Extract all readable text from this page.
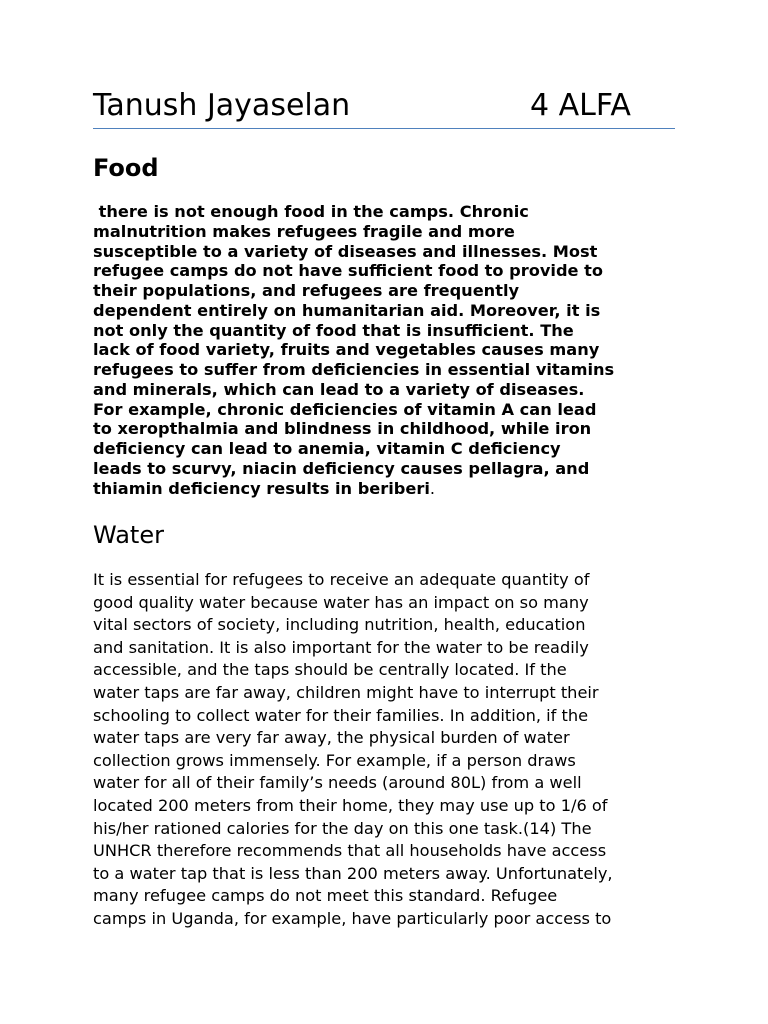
Tanush Jayaselan	4 ALFA
Food

there is not enough food in the camps. Chronic
malnutrition makes refugees fragile and more
susceptible to a variety of diseases and illnesses. Most
refugee camps do not have sufficient food to provide to
their populations, and refugees are frequently
dependent entirely on humanitarian aid. Moreover, it is
not only the quantity of food that is insufficient. The
lack of food variety, fruits and vegetables causes many
refugees to suffer from deficiencies in essential vitamins
and minerals, which can lead to a variety of diseases.
For example, chronic deficiencies of vitamin A can lead
to xeropthalmia and blindness in childhood, while iron
deficiency can lead to anemia, vitamin C deficiency
leads to scurvy, niacin deficiency causes pellagra, and
thiamin deficiency results in beriberi.

Water

It is essential for refugees to receive an adequate quantity of
good quality water because water has an impact on so many
vital sectors of society, including nutrition, health, education
and sanitation. It is also important for the water to be readily
accessible, and the taps should be centrally located. If the
water taps are far away, children might have to interrupt their
schooling to collect water for their families. In addition, if the
water taps are very far away, the physical burden of water
collection grows immensely. For example, if a person draws
water for all of their family’s needs (around 80L) from a well
located 200 meters from their home, they may use up to 1/6 of
his/her rationed calories for the day on this one task.(14) The
UNHCR therefore recommends that all households have access
to a water tap that is less than 200 meters away. Unfortunately,
many refugee camps do not meet this standard. Refugee
camps in Uganda, for example, have particularly poor access to
